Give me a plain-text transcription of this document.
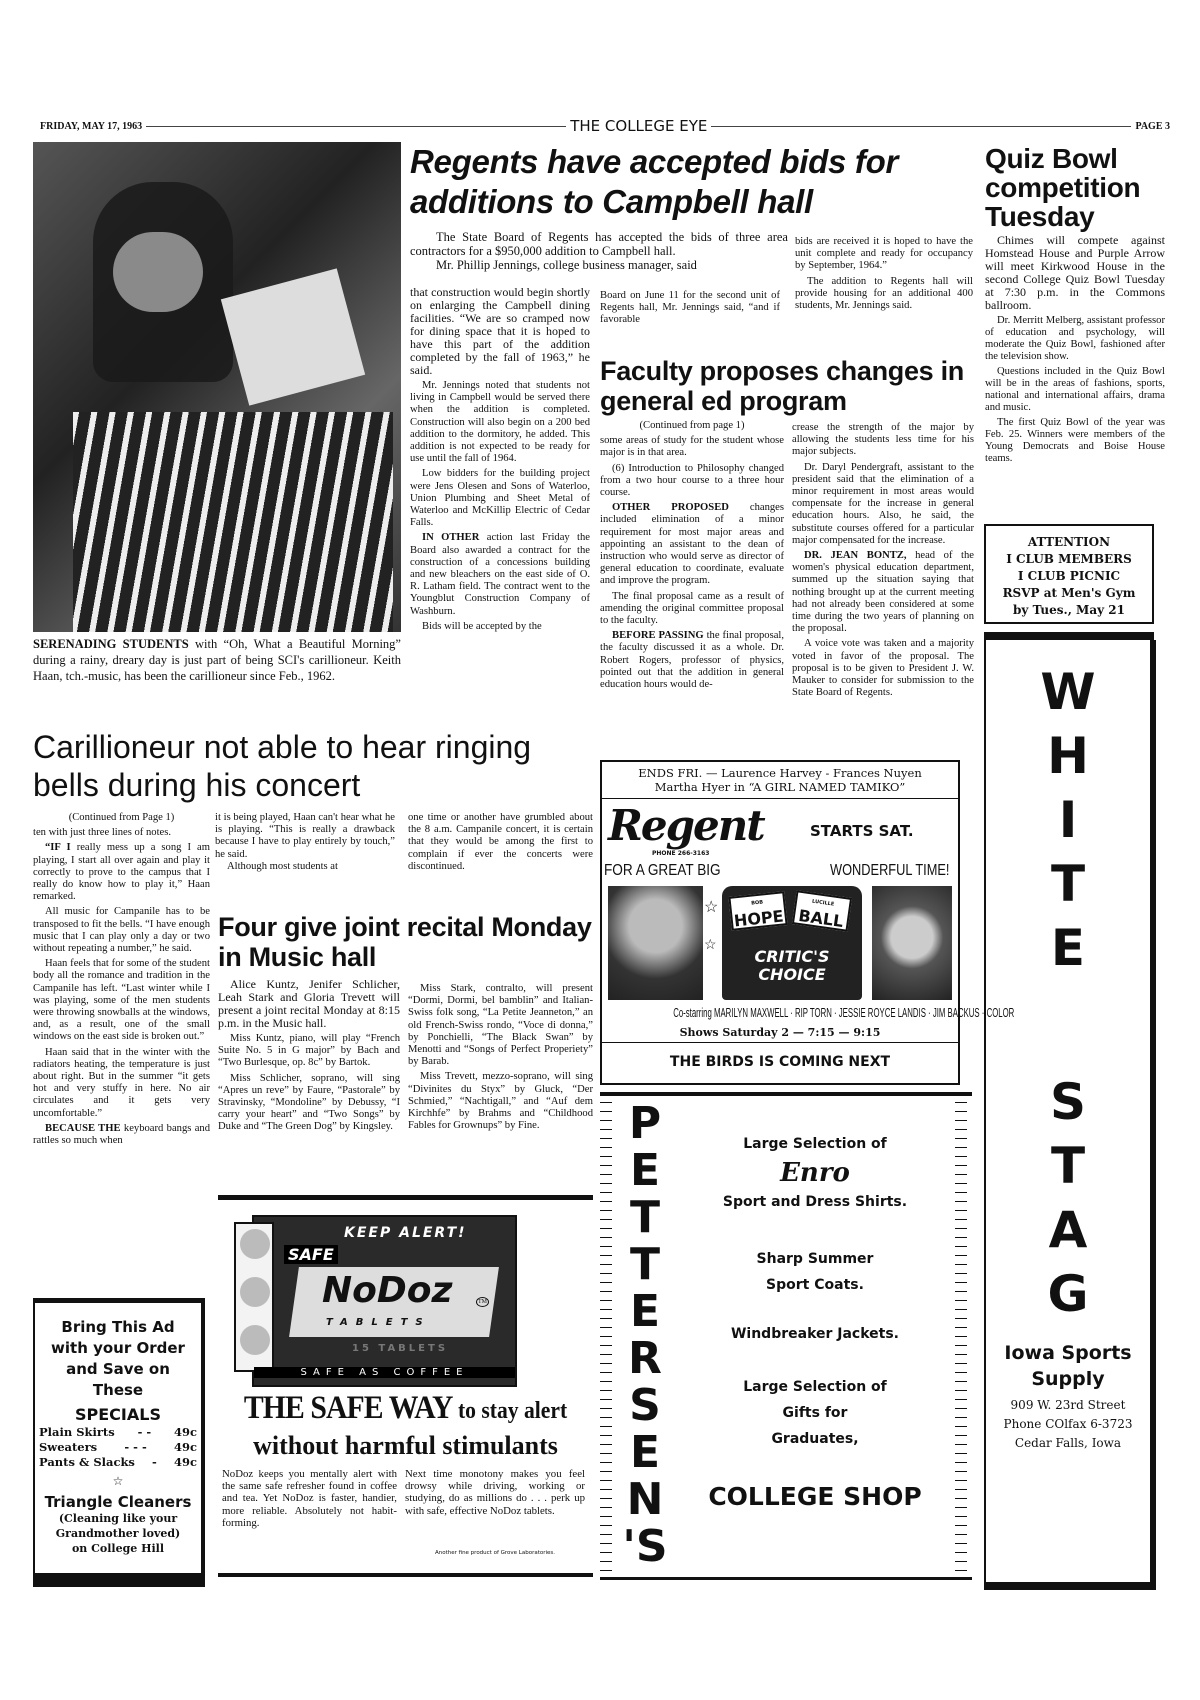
FRIDAY, MAY 17, 1963	THE COLLEGE EYE	PAGE 3
SERENADING STUDENTS with “Oh, What a Beautiful Morning” during a rainy, dreary day is just part of being SCI's carillioneur. Keith Haan, tch.-music, has been the carillioneur since Feb., 1962.
Regents have accepted bids for additions to Campbell hall

The State Board of Regents has accepted the bids of three area contractors for a $950,000 addition to Campbell hall.

Mr. Phillip Jennings, college business manager, said

that construction would begin shortly on enlarging the Campbell dining facilities. “We are so cramped now for dining space that it is hoped to have this part of the addition completed by the fall of 1963,” he said.

Mr. Jennings noted that students not living in Campbell would be served there when the addition is completed. Construction will also begin on a 200 bed addition to the dormitory, he added. This addition is not expected to be ready for use until the fall of 1964.

Low bidders for the building project were Jens Olesen and Sons of Waterloo, Union Plumbing and Sheet Metal of Waterloo and McKillip Electric of Cedar Falls.

IN OTHER action last Friday the Board also awarded a contract for the construction of a concessions building and new bleachers on the east side of O. R. Latham field. The contract went to the Youngblut Construction Company of Washburn.

Bids will be accepted by the

Board on June 11 for the second unit of Regents hall, Mr. Jennings said, “and if favorable

bids are received it is hoped to have the unit complete and ready for occupancy by September, 1964.”

The addition to Regents hall will provide housing for an additional 400 students, Mr. Jennings said.

Faculty proposes changes in general ed program

(Continued from page 1)

some areas of study for the student whose major is in that area.

(6) Introduction to Philosophy changed from a two hour course to a three hour course.

OTHER PROPOSED changes included elimination of a minor requirement for most major areas and appointing an assistant to the dean of instruction who would serve as director of general education to coordinate, evaluate and improve the program.

The final proposal came as a result of amending the original committee proposal to the faculty.

BEFORE PASSING the final proposal, the faculty discussed it as a whole. Dr. Robert Rogers, professor of physics, pointed out that the addition in general education hours would de-

crease the strength of the major by allowing the students less time for his major subjects.

Dr. Daryl Pendergraft, assistant to the president said that the elimination of a minor requirement in most areas would compensate for the increase in general education hours. Also, he said, the substitute courses offered for a particular major compensated for the increase.

DR. JEAN BONTZ, head of the women's physical education department, summed up the situation saying that nothing brought up at the current meeting had not already been considered at some time during the two years of planning on the proposal.

A voice vote was taken and a majority voted in favor of the proposal. The proposal is to be given to President J. W. Mauker to consider for submission to the State Board of Regents.

Quiz Bowl competition Tuesday

Chimes will compete against Homstead House and Purple Arrow will meet Kirkwood House in the second College Quiz Bowl Tuesday at 7:30 p.m. in the Commons ballroom.

Dr. Merritt Melberg, assistant professor of education and psychology, will moderate the Quiz Bowl, fashioned after the television show.

Questions included in the Quiz Bowl will be in the areas of fashions, sports, national and international affairs, drama and music.

The first Quiz Bowl of the year was Feb. 25. Winners were members of the Young Democrats and Boise House teams.

ATTENTION
I CLUB MEMBERS
I CLUB PICNIC
RSVP at Men's Gym
by Tues., May 21
W
H
I
T
E
S
T
A
G
Iowa Sports
Supply
909 W. 23rd Street
Phone COlfax 6-3723
Cedar Falls, Iowa
Carillioneur not able to hear ringing bells during his concert

(Continued from Page 1)

ten with just three lines of notes.

“IF I really mess up a song I am playing, I start all over again and play it correctly to prove to the campus that I really do know how to play it,” Haan remarked.

All music for Campanile has to be transposed to fit the bells. “I have enough music that I can play only a day or two without repeating a number,” he said.

Haan feels that for some of the student body all the romance and tradition in the Campanile has left. “Last winter while I was playing, some of the men students were throwing snowballs at the windows, and, as a result, one of the small windows on the east side is broken out.”

Haan said that in the winter with the radiators heating, the temperature is just about right. But in the summer “it gets hot and very stuffy in here. No air circulates and it gets very uncomfortable.”

BECAUSE THE keyboard bangs and rattles so much when

it is being played, Haan can't hear what he is playing. “This is really a drawback because I have to play entirely by touch,” he said.

Although most students at

one time or another have grumbled about the 8 a.m. Campanile concert, it is certain that they would be among the first to complain if ever the concerts were discontinued.

Four give joint recital Monday in Music hall

Alice Kuntz, Jenifer Schlicher, Leah Stark and Gloria Trevett will present a joint recital Monday at 8:15 p.m. in the Music hall.

Miss Kuntz, piano, will play “French Suite No. 5 in G major” by Bach and “Two Burlesque, op. 8c” by Bartok.

Miss Schlicher, soprano, will sing “Apres un reve” by Faure, “Pastorale” by Stravinsky, “Mondoline” by Debussy, “I carry your heart” and “Two Songs” by Duke and “The Green Dog” by Kingsley.

Miss Stark, contralto, will present “Dormi, Dormi, bel bamblin” and Italian-Swiss folk song, “La Petite Jeanneton,” an old French-Swiss rondo, “Voce di donna,” by Ponchielli, “The Black Swan” by Menotti and “Songs of Perfect Properiety” by Barab.

Miss Trevett, mezzo-soprano, will sing “Divinites du Styx” by Gluck, “Der Schmied,” “Nachtigall,” and “Auf dem Kirchhfe” by Brahms and “Childhood Fables for Grownups” by Fine.

Bring This Ad
with your Order
and Save on These
SPECIALS
Plain Skirts - - 49c
Sweaters - - - 49c
Pants & Slacks - 49c
☆
Triangle Cleaners
(Cleaning like your
Grandmother loved)
on College Hill
KEEP ALERT!
SAFE
NoDoz	TM
TABLETS
15 TABLETS
SAFE AS COFFEE
THE SAFE WAY to stay alert
without harmful stimulants
NoDoz keeps you mentally alert with the same safe refresher found in coffee and tea. Yet NoDoz is faster, handier, more reliable. Absolutely not habit-forming.
Next time monotony makes you feel drowsy while driving, working or studying, do as millions do . . . perk up with safe, effective NoDoz tablets.
Another fine product of Grove Laboratories.
ENDS FRI. — Laurence Harvey - Frances Nuyen
Martha Hyer in “A GIRL NAMED TAMIKO”
Regent
PHONE 266-3163
STARTS SAT.
FOR A GREAT BIG	WONDERFUL TIME!
BOB
HOPE
LUCILLE
BALL
CRITIC'S
CHOICE
☆
☆
Co-starring MARILYN MAXWELL · RIP TORN · JESSIE ROYCE LANDIS · JIM BACKUS · COLOR
Shows Saturday 2 — 7:15 — 9:15
THE BIRDS IS COMING NEXT
P
E
T
T
E
R
S
E
N
'S
Large Selection of
Enro
Sport and Dress Shirts.
Sharp Summer
Sport Coats.
Windbreaker Jackets.
Large Selection of
Gifts for
Graduates,
COLLEGE SHOP
